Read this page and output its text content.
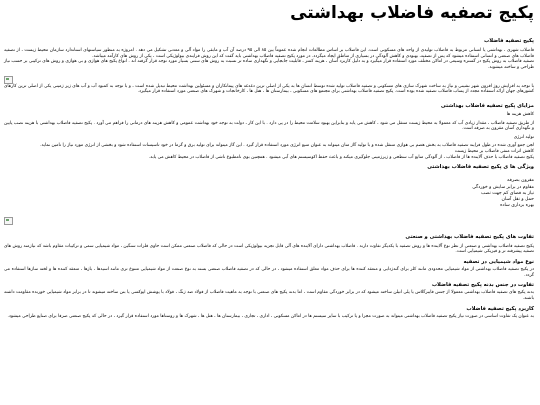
پکیج تصفیه فاضلاب بهداشتی

پکیج تصفیه فاضلاب

فاضلاب شهری ، بهداشتی یا انسانی مربوط به فاضلاب تولیدی از واحد های مسکونی است. این فاضلاب بر اساس مطالعات انجام شده عموماً بین ۸۵ الی ۹۵ درصد آن آب و مابقی را مواد آلی و معدنی تشکیل می دهد . امروزه به منظور سیاستهای استاندارد سازمان محیط زیست ، از تصفیه فاضلاب های صنعتی و انسانی استفاده میشود که پس از تصفیه، بهبودی و کاهش آلودگی در بسیاری از مناطق ایجاد میگردد. در مورد پکیج تصفیه فاضلاب بهداشتی باید گفت که این روش فرایندی بیولوژیکی است ، یکی از روش های کارآمد میباشد.

تصفیه فاضلاب به روش پکیج در گستره وسیعی در اماکن مختلف مورد استفاده قرار میگیرد و به دلیل کاربرد آسان ، هزینه کمتر ، قابلیت جابجایی و نگهداری ساده تر نسبت به روش های سنتی بسیار مورد توجه قرار گرفته اند . انواع پکیج های هوازی و بی هوازی و روش های ترکیبی بر حسب نیاز طراحی و ساخته میشوند.

با توجه به افزایش روز افزون شهر نشینی و نیاز به ساخت شهرک سازی های مسکونی و تصفیه فاضلاب تولید شده توسط انسان ها به یکی از اصلی ترین دغدغه های پیمانکاران و مسئولین بهداشت محیط تبدیل شده است ، و با توجه به کمبود آب و آب های زیر زمینی یکی از اصلی ترین کارهای کشورهای جهان ارائه استفاده مجدد از پساب فاضلاب تصفیه شده بوده است. پکیج تصفیه فاضلاب بهداشتی برای مجتمع های مسکونی ، بیمارستان ها ، هتل ها ، کارخانجات و شهرک های صنعتی مورد استفاده قرار میگیرد.

مزایای پکیج تصفیه فاضلاب بهداشتی

کاهش هزینه ها

از طریق تصفیه فاضلاب ، مقدار زیادی آب که معمولا به محیط زیست منتقل می شود ، کاهش می یابد و بنابراین بهبود سلامت محیط را در پی دارد . با این کار ، دولت به توجه خود بهداشت عمومی و کاهش هزینه های درمانی را فراهم می آورد . پکیج تصفیه فاضلاب بهداشتی با هزینه نصب پایین و نگهداری آسان مقرون به صرفه است.

تولید انرژی

لجن جمع آوری شده در طول فرایند تصفیه فاضلاب به بخش هضم بی هوازی منتقل شده و با تولید گاز متان میتواند به عنوان منبع انرژی مورد استفاده قرار گیرد . این گاز میتواند برای تولید برق و گرما در خود تاسیسات استفاده شود و بخشی از انرژی مورد نیاز را تامین نماید.

کاهش اثرات منفی فاضلاب بر محیط زیست

پکیج تصفیه فاضلاب با حذف آلاینده ها از فاضلاب ، از آلودگی منابع آب سطحی و زیرزمینی جلوگیری میکند و باعث حفظ اکوسیستم های آبی میشود . همچنین بوی نامطبوع ناشی از فاضلاب در محیط کاهش می یابد.

ویژگی ها ی پکیج تصفیه فاضلاب بهداشتی

مقرون بصرفه

مقاوم در برابر سایش و خوردگی

نیاز به فضای کم جهت نصب

حمل و نقل آسان

بهره برداری ساده

تفاوت های پکیج تصفیه فاضلاب بهداشتی و صنعتی

پکیج تصفیه فاضلاب بهداشتی و صنعتی از نظر نوع آلاینده ها و روش تصفیه با یکدیگر تفاوت دارند . فاضلاب بهداشتی دارای آلاینده های آلی قابل تجزیه بیولوژیکی است در حالی که فاضلاب صنعتی ممکن است حاوی فلزات سنگین ، مواد شیمیایی سمی و ترکیبات مقاوم باشد که نیازمند روش های تصفیه پیشرفته تر و فیزیکی شیمیایی است.

نوع مواد شیمیایی در تصفیه

در پکیج تصفیه فاضلاب بهداشتی از مواد شیمیایی محدودی مانند کلر برای گندزدایی و منعقد کننده ها برای حذف مواد معلق استفاده میشود ، در حالی که در تصفیه فاضلاب صنعتی بسته به نوع صنعت از مواد شیمیایی متنوع تری مانند اسیدها ، بازها ، منعقد کننده ها و لخته سازها استفاده می گردد.

تفاوت در جنس بدنه پکیج تصفیه فاضلاب

بدنه پکیج های تصفیه فاضلاب بهداشتی معمولا از جنس فایبرگلاس یا پلی اتیلن ساخته میشود که در برابر خوردگی مقاوم است ، اما بدنه پکیج های صنعتی با توجه به ماهیت فاضلاب از فولاد ضد زنگ ، فولاد با پوشش اپوکسی یا بتن ساخته میشوند تا در برابر مواد شیمیایی خورنده مقاومت داشته باشند.

کاربرد پکیج تصفیه فاضلاب

به عنوان یک تفاوت اساسی در صورت نیاز پکیج تصفیه فاضلاب بهداشتی میتواند به صورت مجزا و یا ترکیب با سایر سیستم ها در اماکن مسکونی ، اداری ، تجاری ، بیمارستان ها ، هتل ها ، شهرک ها و روستاها مورد استفاده قرار گیرد ، در حالی که پکیج صنعتی صرفا برای صنایع طراحی میشود.
